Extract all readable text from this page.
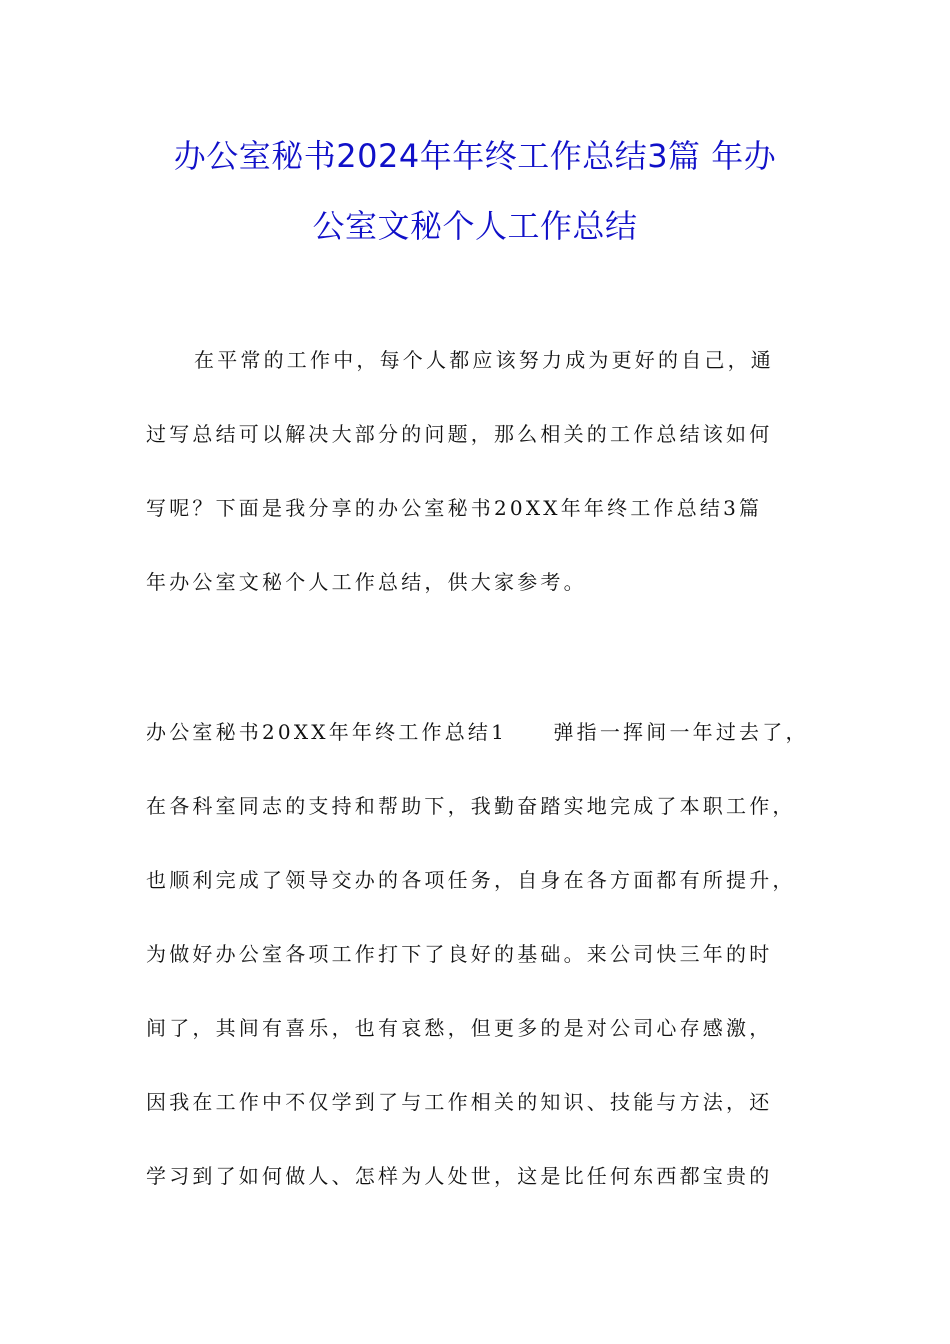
办公室秘书2024年年终工作总结3篇 年办
公室文秘个人工作总结
在平常的工作中，每个人都应该努力成为更好的自己，通
过写总结可以解决大部分的问题，那么相关的工作总结该如何
写呢？下面是我分享的办公室秘书20XX年年终工作总结3篇
年办公室文秘个人工作总结，供大家参考。
办公室秘书20XX年年终工作总结1　　弹指一挥间一年过去了，
在各科室同志的支持和帮助下，我勤奋踏实地完成了本职工作，
也顺利完成了领导交办的各项任务，自身在各方面都有所提升，
为做好办公室各项工作打下了良好的基础。来公司快三年的时
间了，其间有喜乐，也有哀愁，但更多的是对公司心存感激，
因我在工作中不仅学到了与工作相关的知识、技能与方法，还
学习到了如何做人、怎样为人处世，这是比任何东西都宝贵的
